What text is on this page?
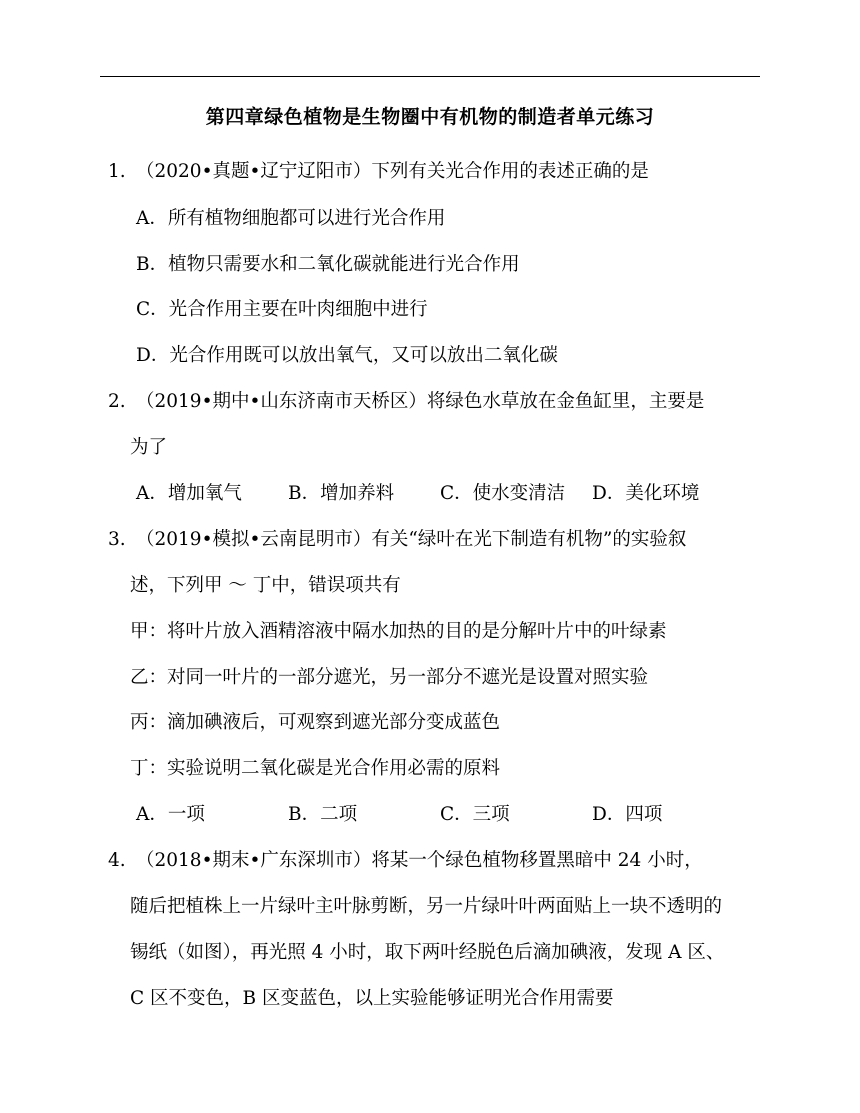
第四章绿色植物是生物圈中有机物的制造者单元练习
1. （2020•真题•辽宁辽阳市）下列有关光合作用的表述正确的是
A．所有植物细胞都可以进行光合作用
B．植物只需要水和二氧化碳就能进行光合作用
C．光合作用主要在叶肉细胞中进行
D．光合作用既可以放出氧气，又可以放出二氧化碳
2. （2019•期中•山东济南市天桥区）将绿色水草放在金鱼缸里，主要是
为了
A．增加氧气 B．增加养料 C．使水变清洁 D．美化环境
3. （2019•模拟•云南昆明市）有关“绿叶在光下制造有机物”的实验叙
述，下列甲 ～ 丁中，错误项共有
甲：将叶片放入酒精溶液中隔水加热的目的是分解叶片中的叶绿素
乙：对同一叶片的一部分遮光，另一部分不遮光是设置对照实验
丙：滴加碘液后，可观察到遮光部分变成蓝色
丁：实验说明二氧化碳是光合作用必需的原料
A．一项	B．二项	C．三项	D．四项
4. （2018•期末•广东深圳市）将某一个绿色植物移置黑暗中 24 小时，
随后把植株上一片绿叶主叶脉剪断，另一片绿叶叶两面贴上一块不透明的
锡纸（如图），再光照 4 小时，取下两叶经脱色后滴加碘液，发现 A 区、
C 区不变色，B 区变蓝色，以上实验能够证明光合作用需要
